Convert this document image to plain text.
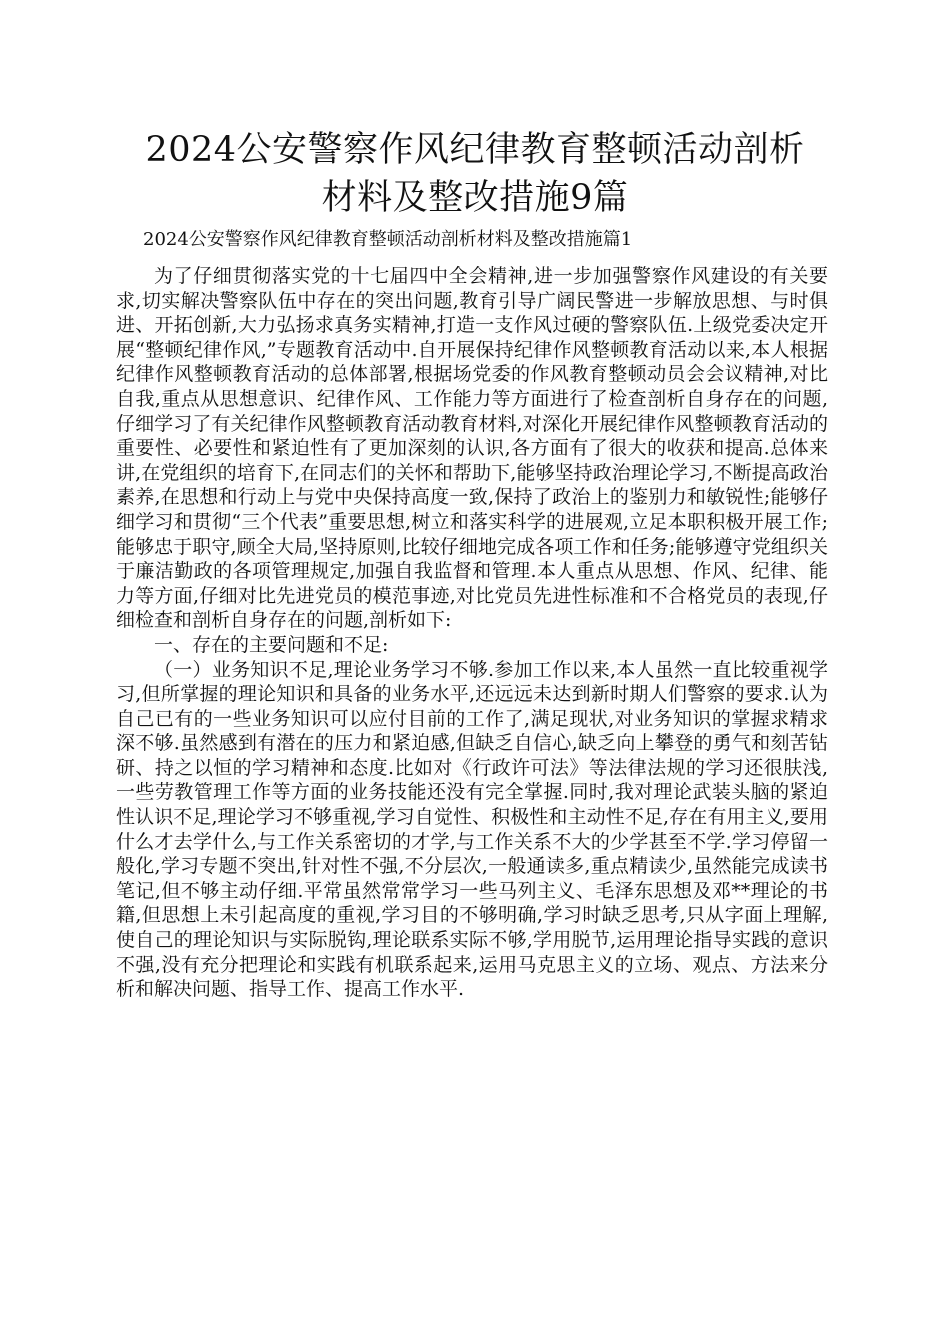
2024公安警察作风纪律教育整顿活动剖析
材料及整改措施9篇
2024公安警察作风纪律教育整顿活动剖析材料及整改措施篇1

为了仔细贯彻落实党的十七届四中全会精神,进一步加强警察作风建设的有关要求,切实解决警察队伍中存在的突出问题,教育引导广阔民警进一步解放思想、与时俱进、开拓创新,大力弘扬求真务实精神,打造一支作风过硬的警察队伍.上级党委决定开展“整顿纪律作风,”专题教育活动中.自开展保持纪律作风整顿教育活动以来,本人根据纪律作风整顿教育活动的总体部署,根据场党委的作风教育整顿动员会会议精神,对比自我,重点从思想意识、纪律作风、工作能力等方面进行了检查剖析自身存在的问题,仔细学习了有关纪律作风整顿教育活动教育材料,对深化开展纪律作风整顿教育活动的重要性、必要性和紧迫性有了更加深刻的认识,各方面有了很大的收获和提高.总体来讲,在党组织的培育下,在同志们的关怀和帮助下,能够坚持政治理论学习,不断提高政治素养,在思想和行动上与党中央保持高度一致,保持了政治上的鉴别力和敏锐性;能够仔细学习和贯彻“三个代表”重要思想,树立和落实科学的进展观,立足本职积极开展工作;能够忠于职守,顾全大局,坚持原则,比较仔细地完成各项工作和任务;能够遵守党组织关于廉洁勤政的各项管理规定,加强自我监督和管理.本人重点从思想、作风、纪律、能力等方面,仔细对比先进党员的模范事迹,对比党员先进性标准和不合格党员的表现,仔细检查和剖析自身存在的问题,剖析如下:

一、存在的主要问题和不足:

（一）业务知识不足,理论业务学习不够.参加工作以来,本人虽然一直比较重视学习,但所掌握的理论知识和具备的业务水平,还远远未达到新时期人们警察的要求.认为自己已有的一些业务知识可以应付目前的工作了,满足现状,对业务知识的掌握求精求深不够.虽然感到有潜在的压力和紧迫感,但缺乏自信心,缺乏向上攀登的勇气和刻苦钻研、持之以恒的学习精神和态度.比如对《行政许可法》等法律法规的学习还很肤浅,一些劳教管理工作等方面的业务技能还没有完全掌握.同时,我对理论武装头脑的紧迫性认识不足,理论学习不够重视,学习自觉性、积极性和主动性不足,存在有用主义,要用什么才去学什么,与工作关系密切的才学,与工作关系不大的少学甚至不学.学习停留一般化,学习专题不突出,针对性不强,不分层次,一般通读多,重点精读少,虽然能完成读书笔记,但不够主动仔细.平常虽然常常学习一些马列主义、毛泽东思想及邓**理论的书籍,但思想上未引起高度的重视,学习目的不够明确,学习时缺乏思考,只从字面上理解,使自己的理论知识与实际脱钩,理论联系实际不够,学用脱节,运用理论指导实践的意识不强,没有充分把理论和实践有机联系起来,运用马克思主义的立场、观点、方法来分析和解决问题、指导工作、提高工作水平.
